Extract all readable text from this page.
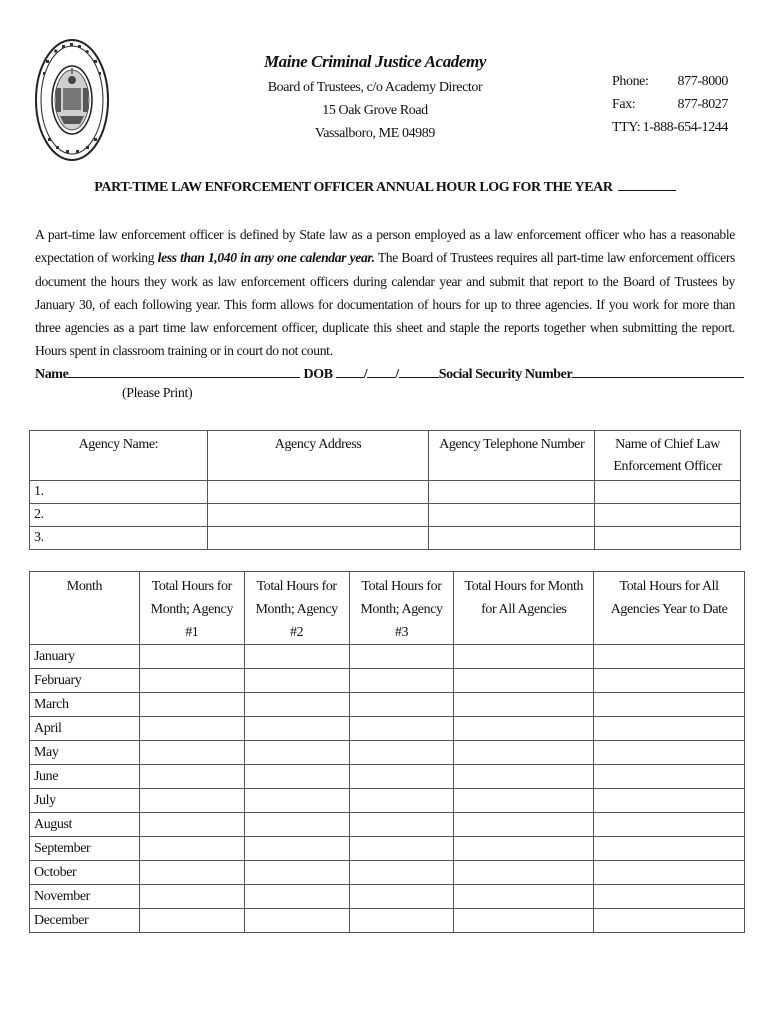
Maine Criminal Justice Academy
Board of Trustees, c/o Academy Director
15 Oak Grove Road
Vassalboro, ME 04989
Phone: 877-8000
Fax:	877-8027
TTY: 1-888-654-1244
PART-TIME LAW ENFORCEMENT OFFICER ANNUAL HOUR LOG FOR THE YEAR
A part-time law enforcement officer is defined by State law as a person employed as a law enforcement officer who has a reasonable expectation of working less than 1,040 in any one calendar year. The Board of Trustees requires all part-time law enforcement officers document the hours they work as law enforcement officers during calendar year and submit that report to the Board of Trustees by January 30, of each following year. This form allows for documentation of hours for up to three agencies. If you work for more than three agencies as a part time law enforcement officer, duplicate this sheet and staple the reports together when submitting the report. Hours spent in classroom training or in court do not count.
Name	DOB / /	Social Security Number
(Please Print)
Agency Name:	Agency Address	Agency Telephone Number	Name of Chief Law Enforcement Officer
1.			
2.			
3.			
Month	Total Hours for Month; Agency #1	Total Hours for Month; Agency #2	Total Hours for Month; Agency #3	Total Hours for Month for All Agencies	Total Hours for All Agencies Year to Date
January					
February					
March					
April					
May					
June					
July					
August					
September					
October					
November					
December					
